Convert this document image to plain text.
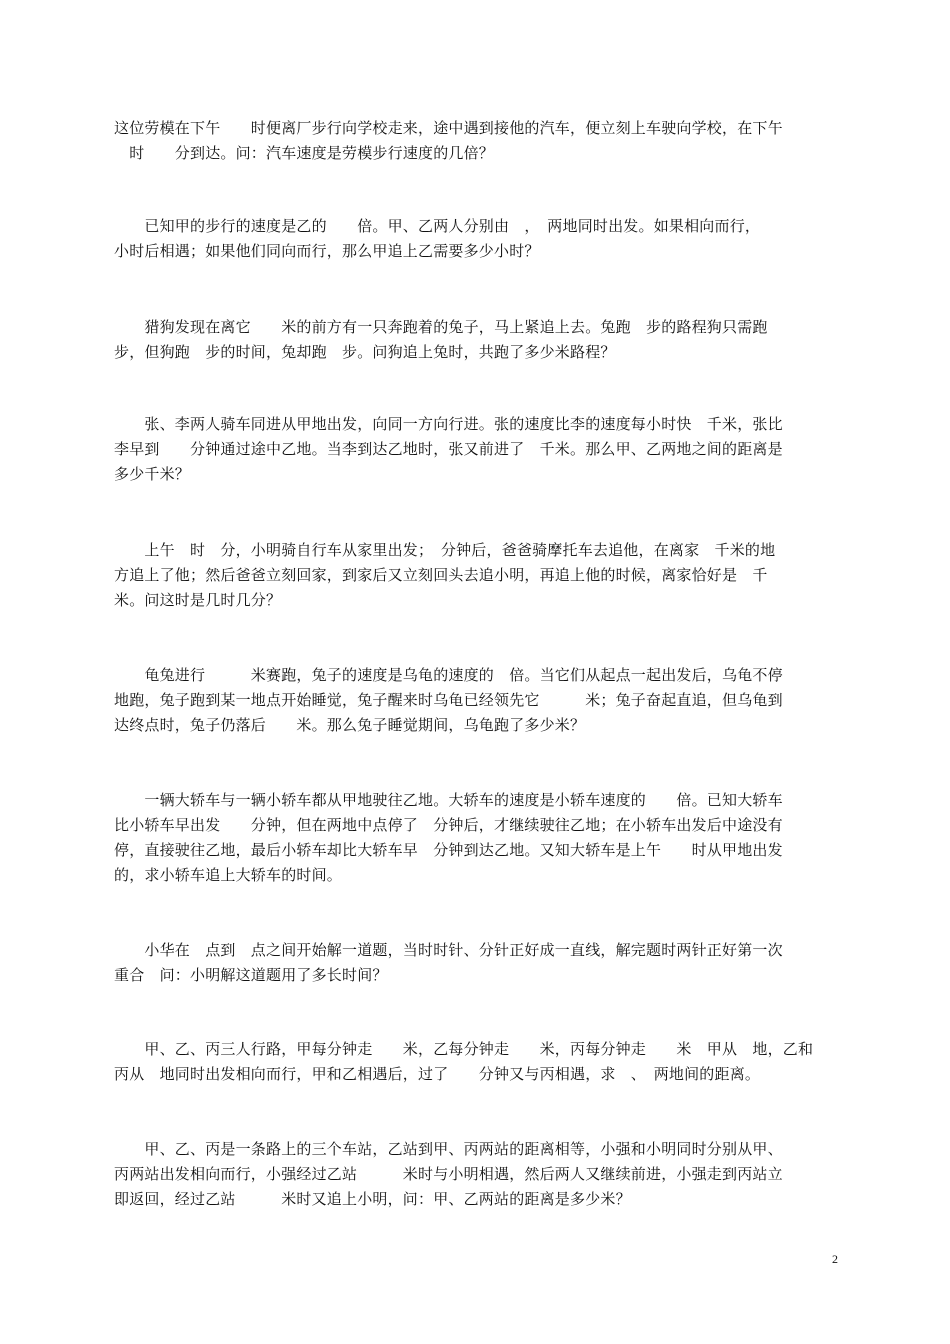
这位劳模在下午　　时便离厂步行向学校走来，途中遇到接他的汽车，便立刻上车驶向学校，在下午
　时　　分到达。问：汽车速度是劳模步行速度的几倍？
　　已知甲的步行的速度是乙的　　倍。甲、乙两人分别由　，　两地同时出发。如果相向而行，
小时后相遇；如果他们同向而行，那么甲追上乙需要多少小时？
　　猎狗发现在离它　　米的前方有一只奔跑着的兔子，马上紧追上去。兔跑　步的路程狗只需跑
步，但狗跑　步的时间，兔却跑　步。问狗追上兔时，共跑了多少米路程？
　　张、李两人骑车同进从甲地出发，向同一方向行进。张的速度比李的速度每小时快　千米，张比
李早到　　分钟通过途中乙地。当李到达乙地时，张又前进了　千米。那么甲、乙两地之间的距离是
多少千米？
　　上午　时　分，小明骑自行车从家里出发；　分钟后，爸爸骑摩托车去追他，在离家　千米的地
方追上了他；然后爸爸立刻回家，到家后又立刻回头去追小明，再追上他的时候，离家恰好是　千
米。问这时是几时几分？
　　龟兔进行　　　米赛跑，兔子的速度是乌龟的速度的　倍。当它们从起点一起出发后，乌龟不停
地跑，兔子跑到某一地点开始睡觉，兔子醒来时乌龟已经领先它　　　米；兔子奋起直追，但乌龟到
达终点时，兔子仍落后　　米。那么兔子睡觉期间，乌龟跑了多少米？
　　一辆大轿车与一辆小轿车都从甲地驶往乙地。大轿车的速度是小轿车速度的　　倍。已知大轿车
比小轿车早出发　　分钟，但在两地中点停了　分钟后，才继续驶往乙地；在小轿车出发后中途没有
停，直接驶往乙地，最后小轿车却比大轿车早　分钟到达乙地。又知大轿车是上午　　时从甲地出发
的，求小轿车追上大轿车的时间。
　　小华在　点到　点之间开始解一道题，当时时针、分针正好成一直线，解完题时两针正好第一次
重合　问：小明解这道题用了多长时间？
　　甲、乙、丙三人行路，甲每分钟走　　米，乙每分钟走　　米，丙每分钟走　　米　甲从　地，乙和
丙从　地同时出发相向而行，甲和乙相遇后，过了　　分钟又与丙相遇，求　、　两地间的距离。
　　甲、乙、丙是一条路上的三个车站，乙站到甲、丙两站的距离相等，小强和小明同时分别从甲、
丙两站出发相向而行，小强经过乙站　　　米时与小明相遇，然后两人又继续前进，小强走到丙站立
即返回，经过乙站　　　米时又追上小明，问：甲、乙两站的距离是多少米？
2
